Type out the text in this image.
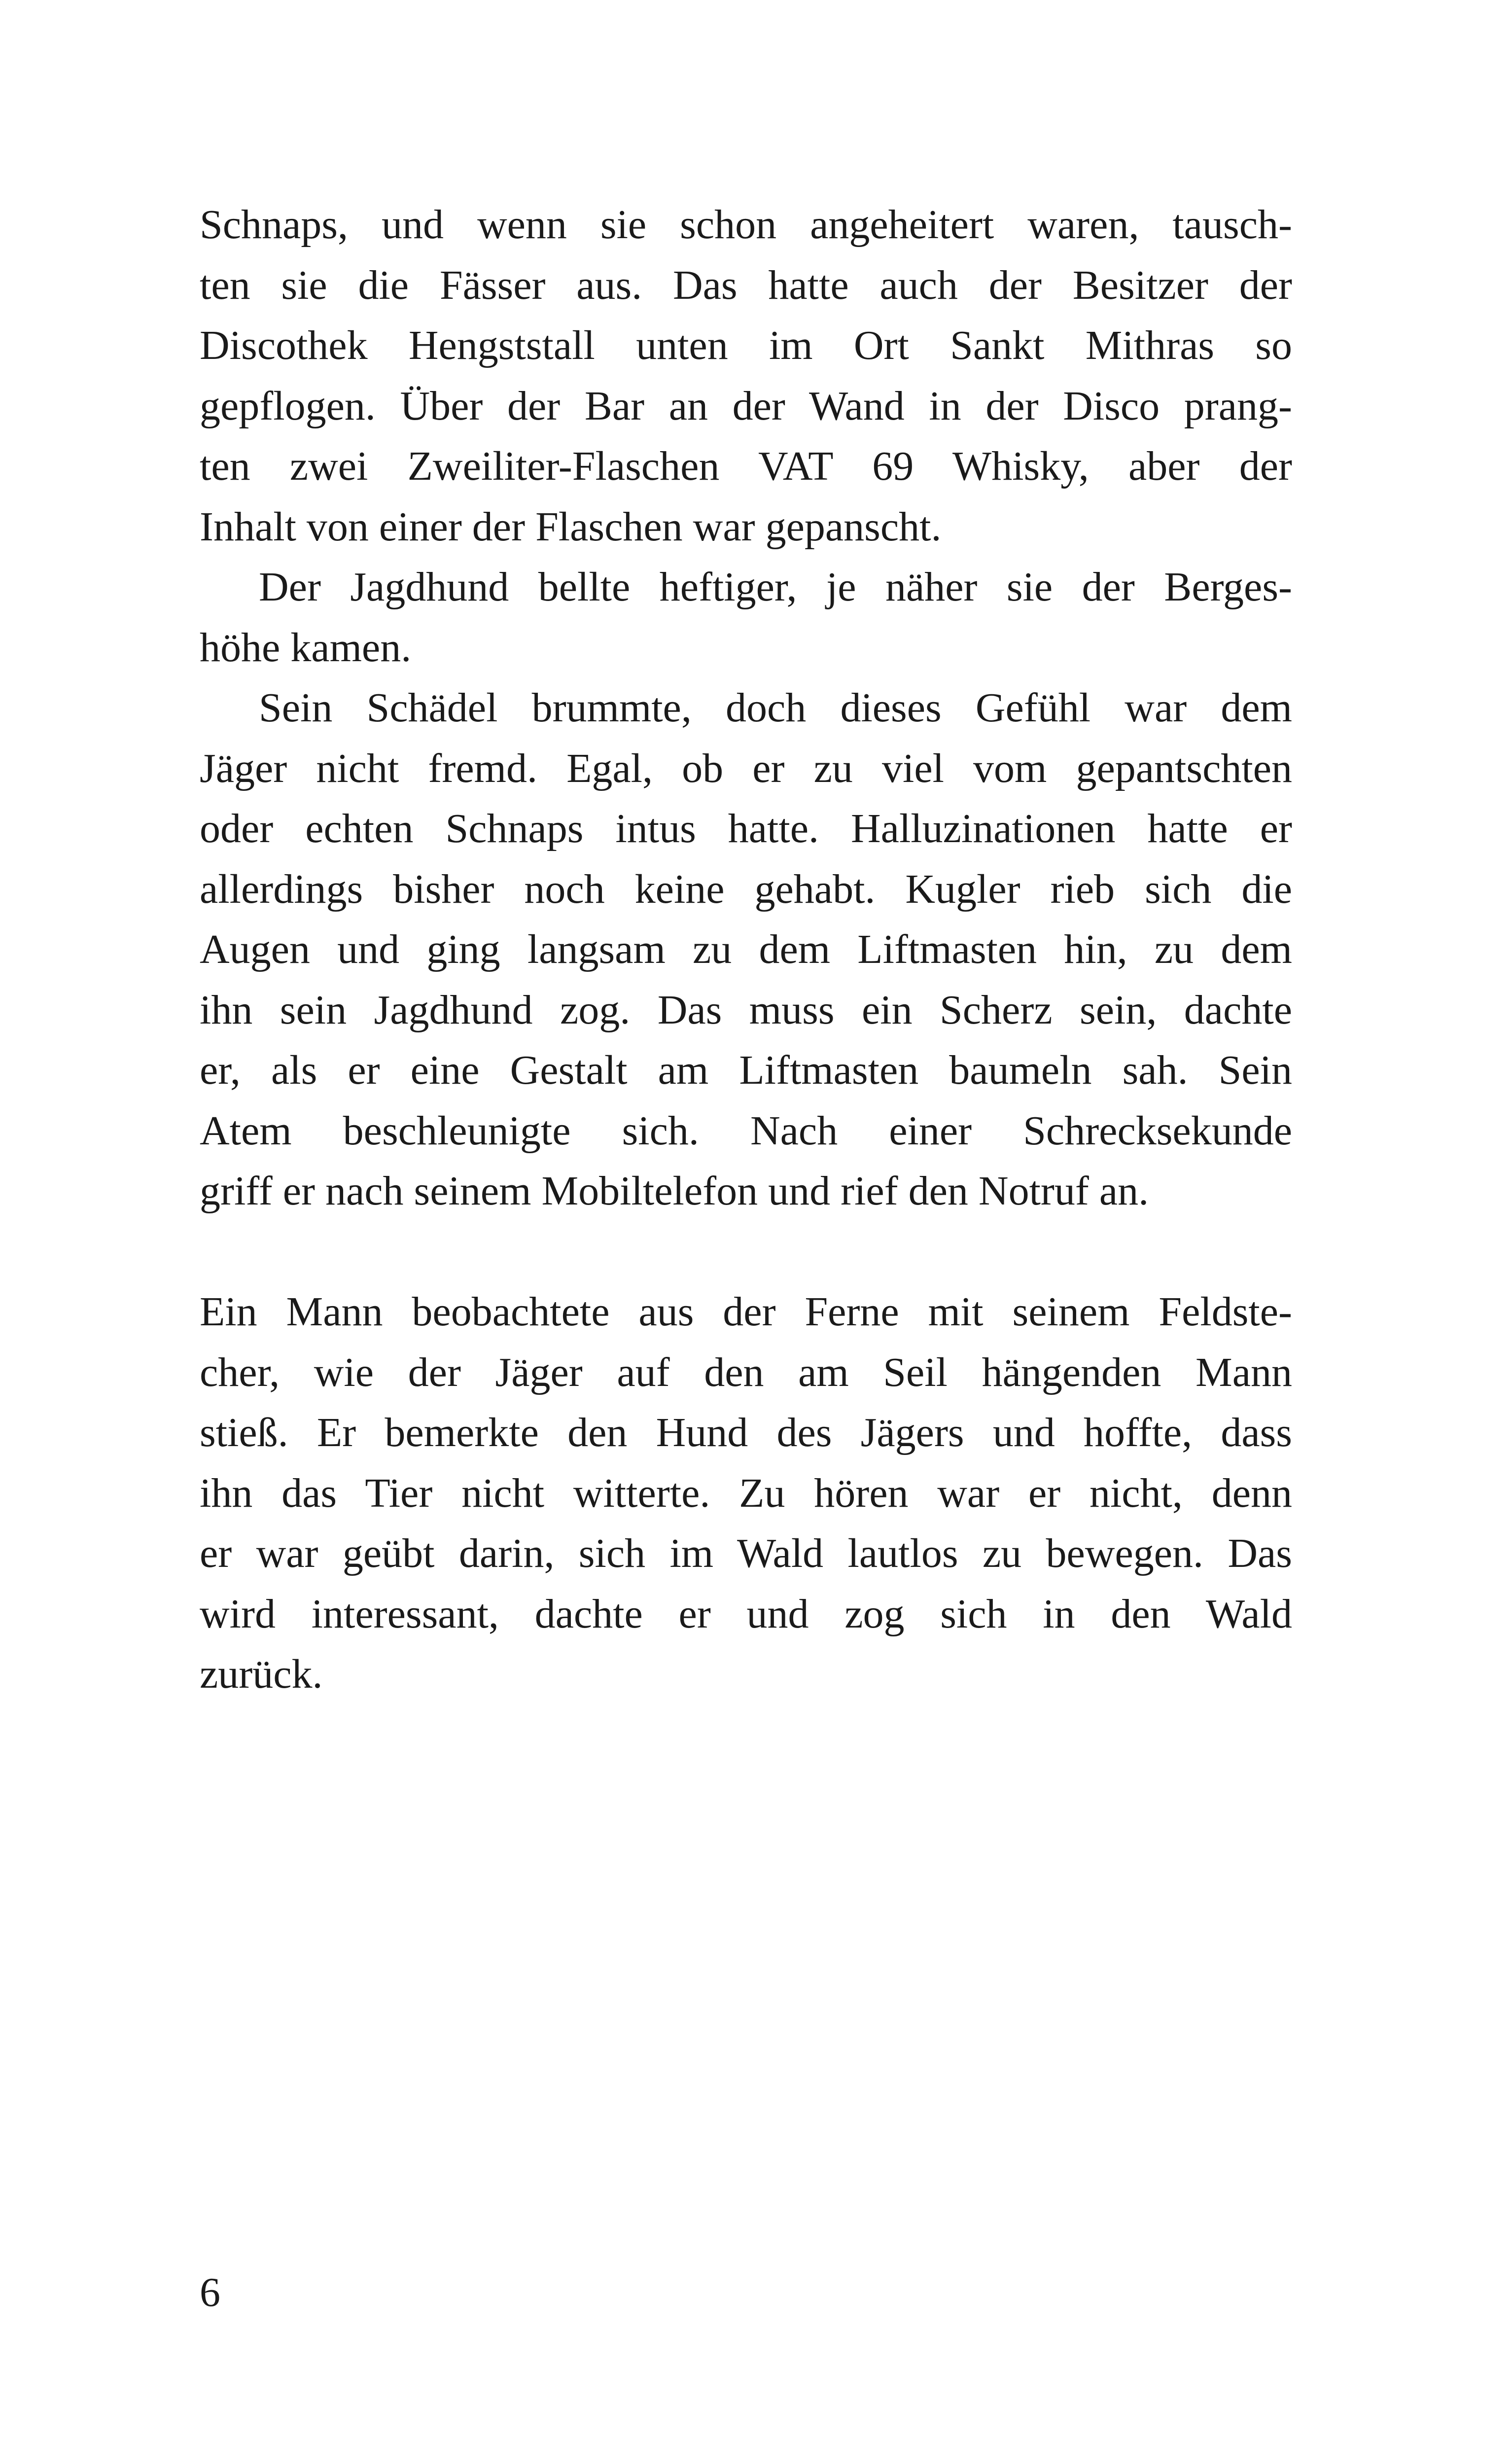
Schnaps, und wenn sie schon angeheitert waren, tausch-
ten sie die Fässer aus. Das hatte auch der Besitzer der
Discothek Hengststall unten im Ort Sankt Mithras so
gepflogen. Über der Bar an der Wand in der Disco prang-
ten zwei Zweiliter-Flaschen VAT 69 Whisky, aber der
Inhalt von einer der Flaschen war gepanscht.
Der Jagdhund bellte heftiger, je näher sie der Berges-
höhe kamen.
Sein Schädel brummte, doch dieses Gefühl war dem
Jäger nicht fremd. Egal, ob er zu viel vom gepantschten
oder echten Schnaps intus hatte. Halluzinationen hatte er
allerdings bisher noch keine gehabt. Kugler rieb sich die
Augen und ging langsam zu dem Liftmasten hin, zu dem
ihn sein Jagdhund zog. Das muss ein Scherz sein, dachte
er, als er eine Gestalt am Liftmasten baumeln sah. Sein
Atem beschleunigte sich. Nach einer Schrecksekunde
griff er nach seinem Mobiltelefon und rief den Notruf an.
Ein Mann beobachtete aus der Ferne mit seinem Feldste-
cher, wie der Jäger auf den am Seil hängenden Mann
stieß. Er bemerkte den Hund des Jägers und hoffte, dass
ihn das Tier nicht witterte. Zu hören war er nicht, denn
er war geübt darin, sich im Wald lautlos zu bewegen. Das
wird interessant, dachte er und zog sich in den Wald
zurück.
6
